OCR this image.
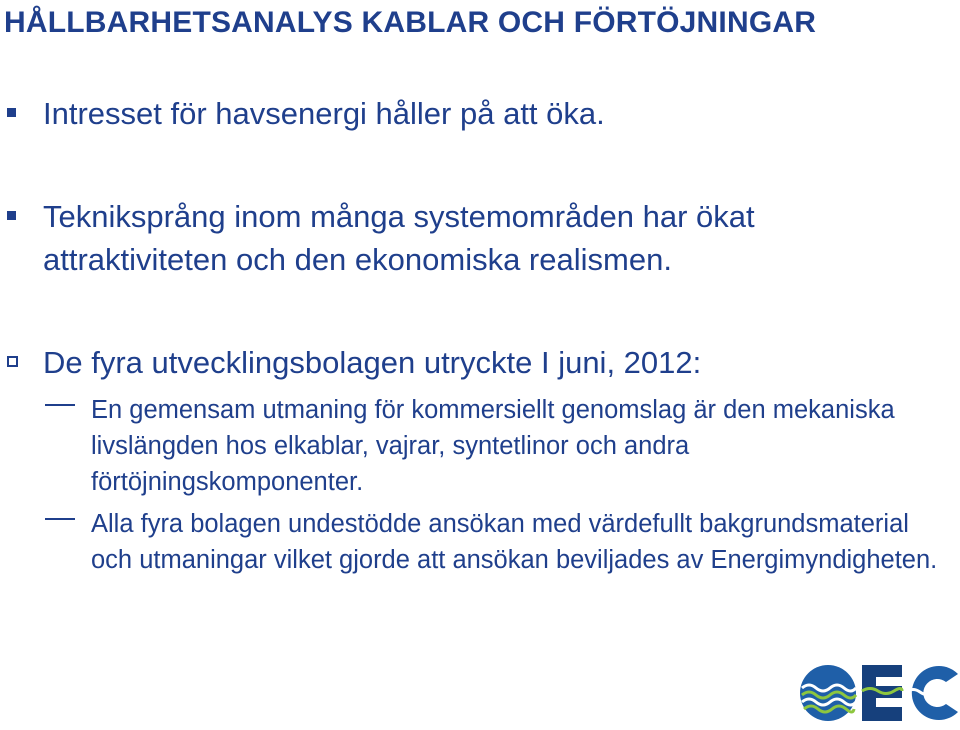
HÅLLBARHETSANALYS KABLAR OCH FÖRTÖJNINGAR
Intresset för havsenergi håller på att öka.
Tekniksprång inom många systemområden har ökat attraktiviteten och den ekonomiska realismen.
De fyra utvecklingsbolagen utryckte I juni, 2012:
En gemensam utmaning för kommersiellt genomslag är den mekaniska livslängden hos elkablar, vajrar, syntetlinor och andra förtöjningskomponenter.
Alla fyra bolagen undestödde ansökan med värdefullt bakgrundsmaterial och utmaningar vilket gjorde att ansökan beviljades av Energimyndigheten.
